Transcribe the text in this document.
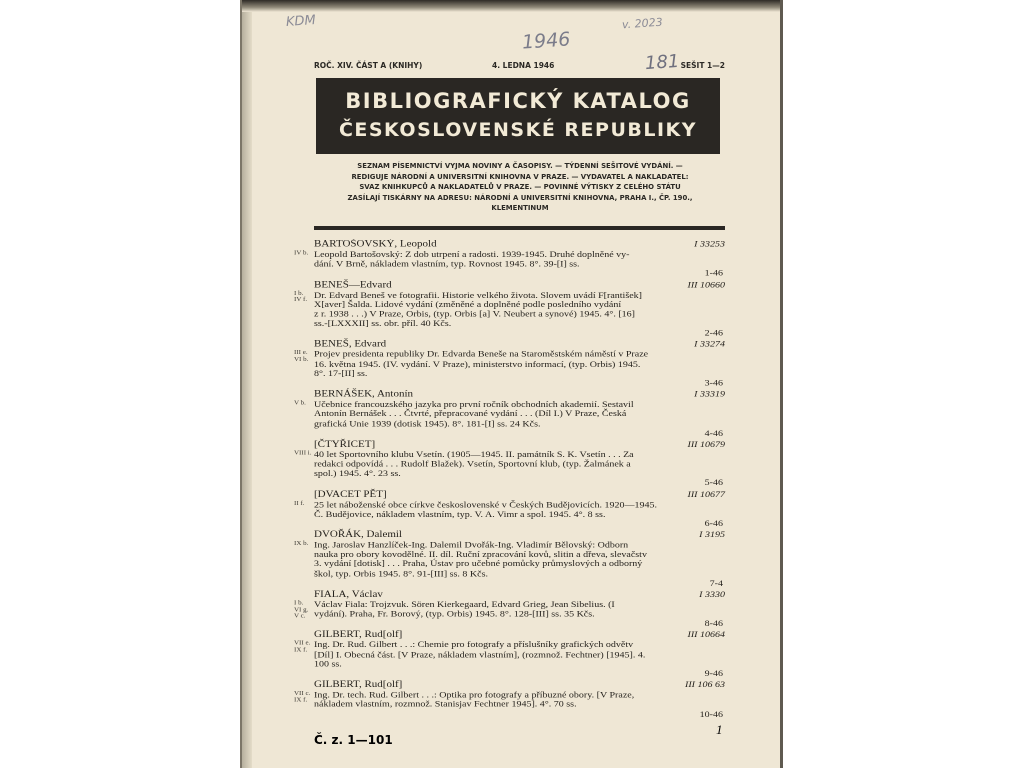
KDM
1946
v. 2023
181
ROČ. XIV. ČÁST A (KNIHY)	4. LEDNA 1946	SEŠIT 1—2
BIBLIOGRAFICKÝ KATALOG
ČESKOSLOVENSKÉ REPUBLIKY
SEZNAM PÍSEMNICTVÍ VYJMA NOVINY A ČASOPISY. — TÝDENNÍ SEŠITOVÉ VYDÁNÍ. —
REDIGUJE NÁRODNÍ A UNIVERSITNÍ KNIHOVNA V PRAZE. — VYDAVATEL A NAKLADATEL:
SVAZ KNIHKUPCŮ A NAKLADATELŮ V PRAZE. — POVINNÉ VÝTISKY Z CELÉHO STÁTU
ZASÍLAJÍ TISKÁRNY NA ADRESU: NÁRODNÍ A UNIVERSITNÍ KNIHOVNA, PRAHA I., ČP. 190.,
KLEMENTINUM
BARTOŠOVSKÝ, Leopold	I 33253
IV b. Leopold Bartošovský: Z dob utrpení a radosti. 1939-1945. Druhé doplněné vy-
dání. V Brně, nákladem vlastním, typ. Rovnost 1945. 8°. 39-[I] ss.
1-46
BENEŠ—Edvard	III 10660
I b.
IV f. Dr. Edvard Beneš ve fotografii. Historie velkého života. Slovem uvádí F[rantišek]
X[aver] Šalda. Lidové vydání (změněné a doplněné podle posledního vydání
z r. 1938 . . .) V Praze, Orbis, (typ. Orbis [a] V. Neubert a synové) 1945. 4°. [16]
ss.-[LXXXII] ss. obr. příl. 40 Kčs.
2-46
BENEŠ, Edvard	I 33274
III e.
VI b. Projev presidenta republiky Dr. Edvarda Beneše na Staroměstském náměstí v Praze
16. května 1945. (IV. vydání. V Praze), ministerstvo informací, (typ. Orbis) 1945.
8°. 17-[II] ss.
3-46
BERNÁŠEK, Antonín	I 33319
V b. Učebnice francouzského jazyka pro první ročník obchodních akademií. Sestavil
Antonín Bernášek . . . Čtvrté, přepracované vydání . . . (Díl I.) V Praze, Česká
grafická Unie 1939 (dotisk 1945). 8°. 181-[I] ss. 24 Kčs.
4-46
[ČTYŘICET]	III 10679
VIII i. 40 let Sportovního klubu Vsetín. (1905—1945. II. památník S. K. Vsetín . . . Za
redakci odpovídá . . . Rudolf Blažek). Vsetín, Sportovní klub, (typ. Žalmánek a
spol.) 1945. 4°. 23 ss.
5-46
[DVACET PĚT]	III 10677
II f. 25 let náboženské obce církve československé v Českých Budějovicích. 1920—1945.
Č. Budějovice, nákladem vlastním, typ. V. A. Vimr a spol. 1945. 4°. 8 ss.
6-46
DVOŘÁK, Dalemil	I 3195
IX b. Ing. Jaroslav Hanzlíček-Ing. Dalemil Dvořák-Ing. Vladimír Bělovský: Odborn
nauka pro obory kovodělné. II. díl. Ruční zpracování kovů, slitin a dřeva, slevačstv
3. vydání [dotisk] . . . Praha, Ústav pro učebné pomůcky průmyslových a odborný
škol, typ. Orbis 1945. 8°. 91-[III] ss. 8 Kčs.
7-4
FIALA, Václav	I 3330
I b.
VI g.
V c.
Václav Fiala: Trojzvuk. Sören Kierkegaard, Edvard Grieg, Jean Sibelius. (I
vydání). Praha, Fr. Borový, (typ. Orbis) 1945. 8°. 128-[III] ss. 35 Kčs.
8-46
GILBERT, Rud[olf]	III 10664
VII e.
IX f. Ing. Dr. Rud. Gilbert . . .: Chemie pro fotografy a příslušníky grafických odvětv
[Díl] I. Obecná část. [V Praze, nákladem vlastním], (rozmnož. Fechtner) [1945]. 4.
100 ss.
9-46
GILBERT, Rud[olf]	III 106 63
VII c.
IX f. Ing. Dr. tech. Rud. Gilbert . . .: Optika pro fotografy a příbuzné obory. [V Praze,
nákladem vlastním, rozmnož. Stanisjav Fechtner 1945]. 4°. 70 ss.
10-46
1
Č. z. 1—101
